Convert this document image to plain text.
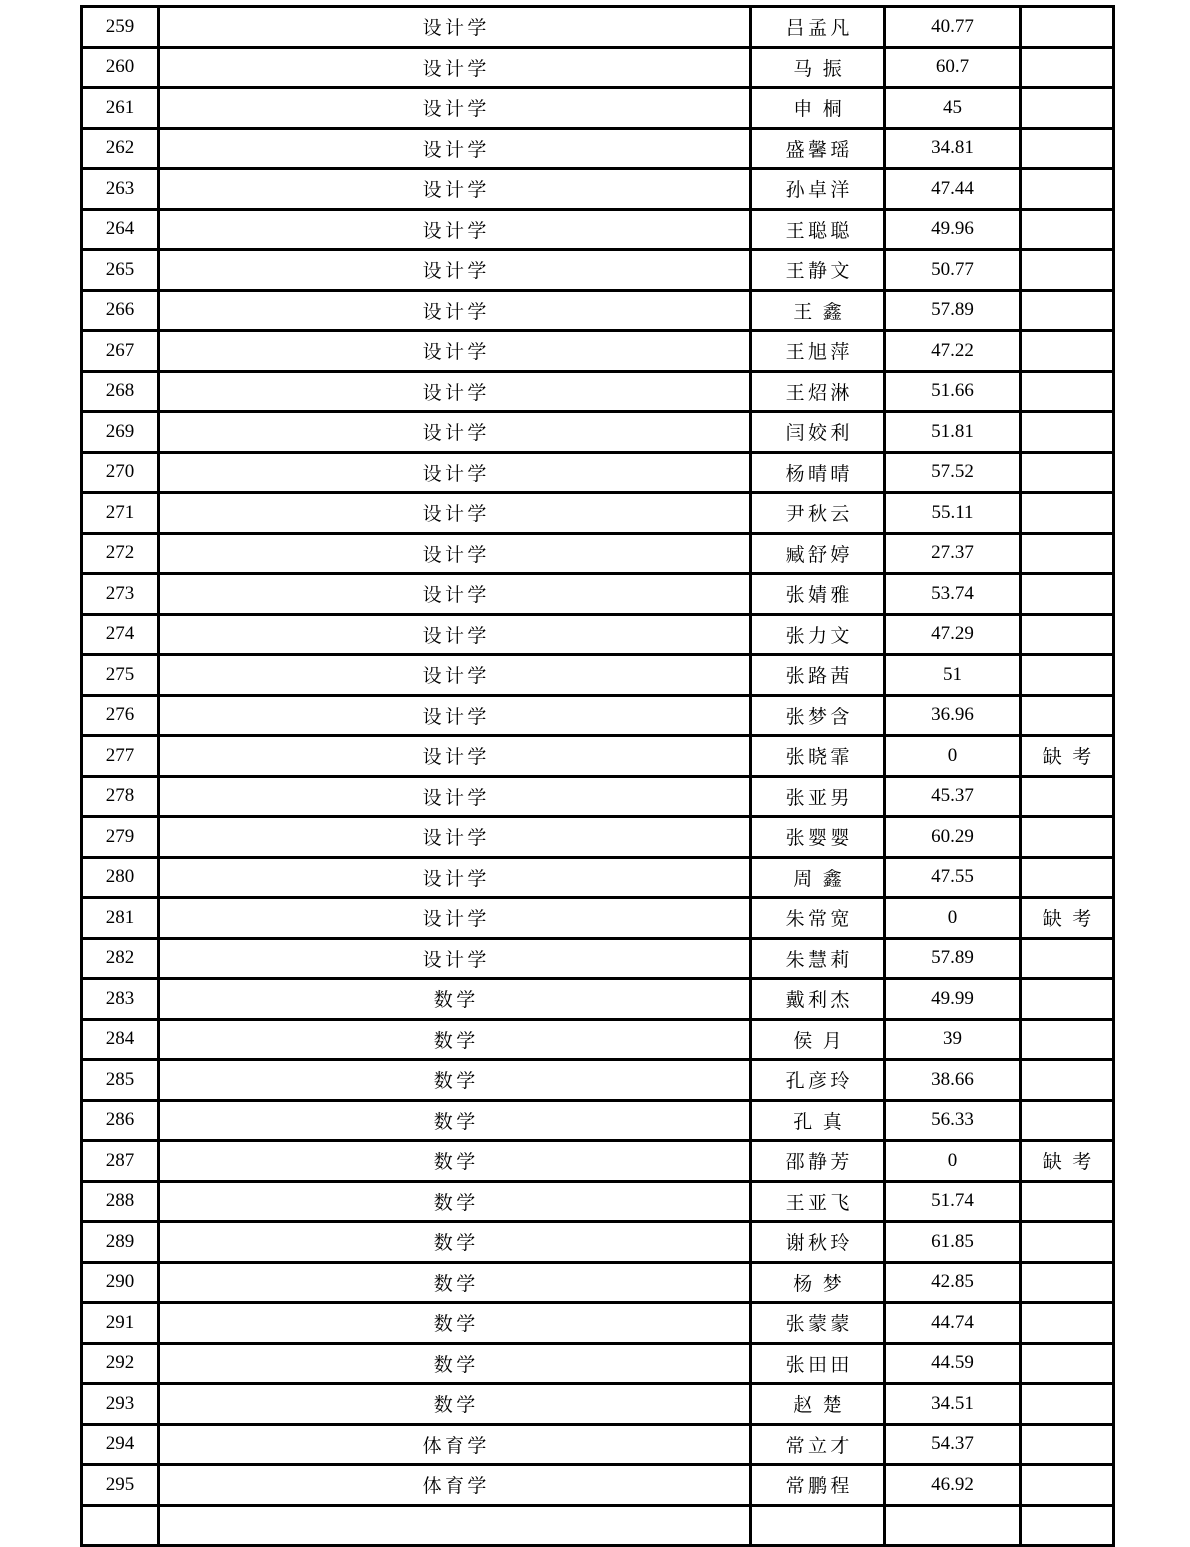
259	设计学	吕孟凡	40.77	
260	设计学	马振	60.7	
261	设计学	申桐	45	
262	设计学	盛馨瑶	34.81	
263	设计学	孙卓洋	47.44	
264	设计学	王聪聪	49.96	
265	设计学	王静文	50.77	
266	设计学	王鑫	57.89	
267	设计学	王旭萍	47.22	
268	设计学	王炤淋	51.66	
269	设计学	闫姣利	51.81	
270	设计学	杨晴晴	57.52	
271	设计学	尹秋云	55.11	
272	设计学	臧舒婷	27.37	
273	设计学	张婧雅	53.74	
274	设计学	张力文	47.29	
275	设计学	张路茜	51	
276	设计学	张梦含	36.96	
277	设计学	张晓霏	0	缺考
278	设计学	张亚男	45.37	
279	设计学	张婴婴	60.29	
280	设计学	周鑫	47.55	
281	设计学	朱常宽	0	缺考
282	设计学	朱慧莉	57.89	
283	数学	戴利杰	49.99	
284	数学	侯月	39	
285	数学	孔彦玲	38.66	
286	数学	孔真	56.33	
287	数学	邵静芳	0	缺考
288	数学	王亚飞	51.74	
289	数学	谢秋玲	61.85	
290	数学	杨梦	42.85	
291	数学	张蒙蒙	44.74	
292	数学	张田田	44.59	
293	数学	赵楚	34.51	
294	体育学	常立才	54.37	
295	体育学	常鹏程	46.92	
